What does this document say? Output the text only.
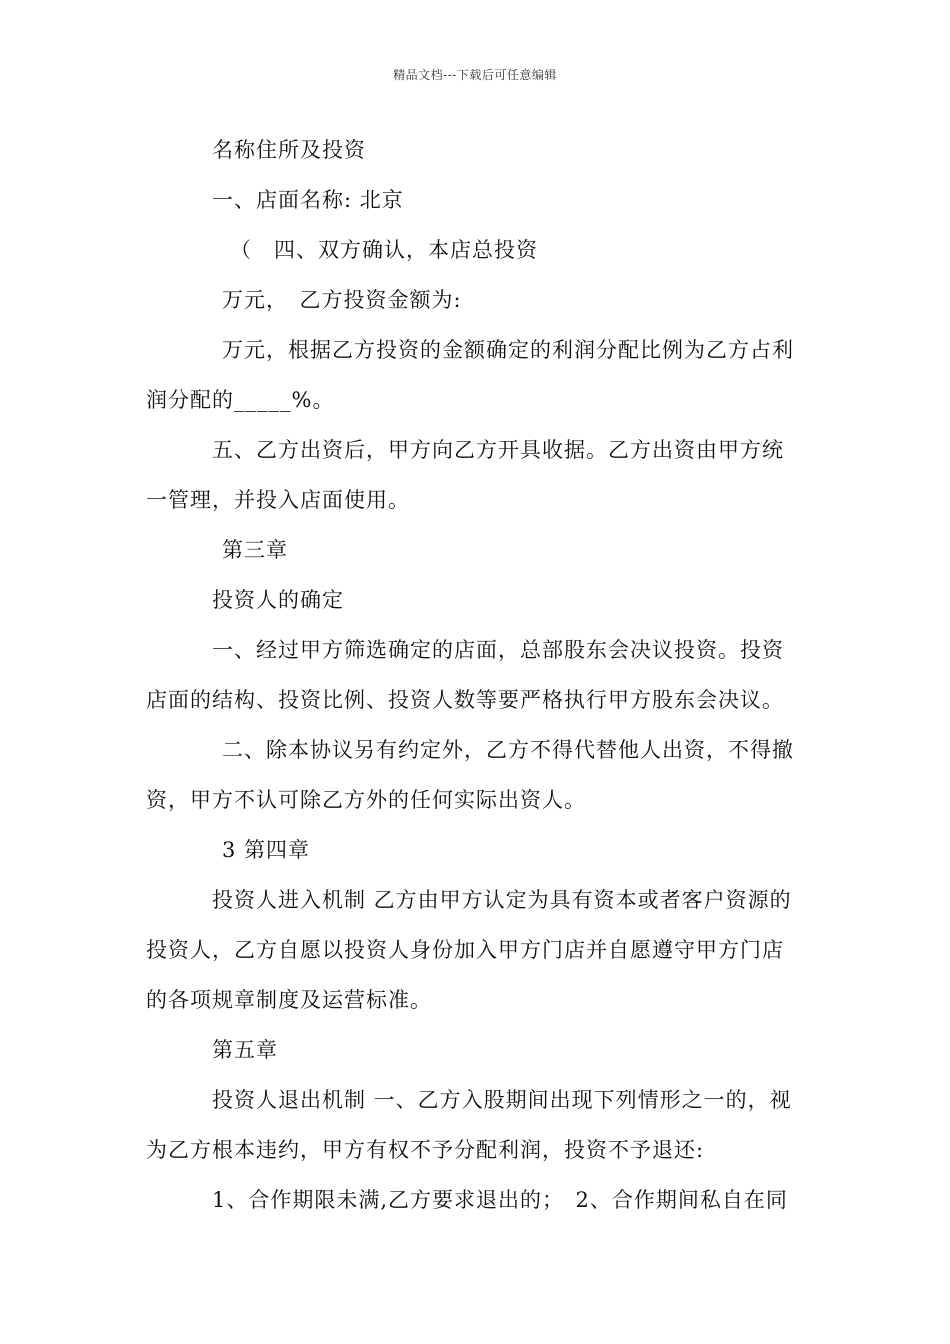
精品文档---下载后可任意编辑
名称住所及投资
一、店面名称: 北京
（　四、双方确认，本店总投资
万元，　乙方投资金额为:
万元，根据乙方投资的金额确定的利润分配比例为乙方占利
润分配的_____%。
五、乙方出资后，甲方向乙方开具收据。乙方出资由甲方统
一管理，并投入店面使用。
第三章
投资人的确定
一、经过甲方筛选确定的店面，总部股东会决议投资。投资
店面的结构、投资比例、投资人数等要严格执行甲方股东会决议。
二、除本协议另有约定外，乙方不得代替他人出资，不得撤
资，甲方不认可除乙方外的任何实际出资人。
3 第四章
投资人进入机制 乙方由甲方认定为具有资本或者客户资源的
投资人，乙方自愿以投资人身份加入甲方门店并自愿遵守甲方门店
的各项规章制度及运营标准。
第五章
投资人退出机制 一、乙方入股期间出现下列情形之一的，视
为乙方根本违约，甲方有权不予分配利润，投资不予退还:
1、合作期限未满,乙方要求退出的；　2、合作期间私自在同
